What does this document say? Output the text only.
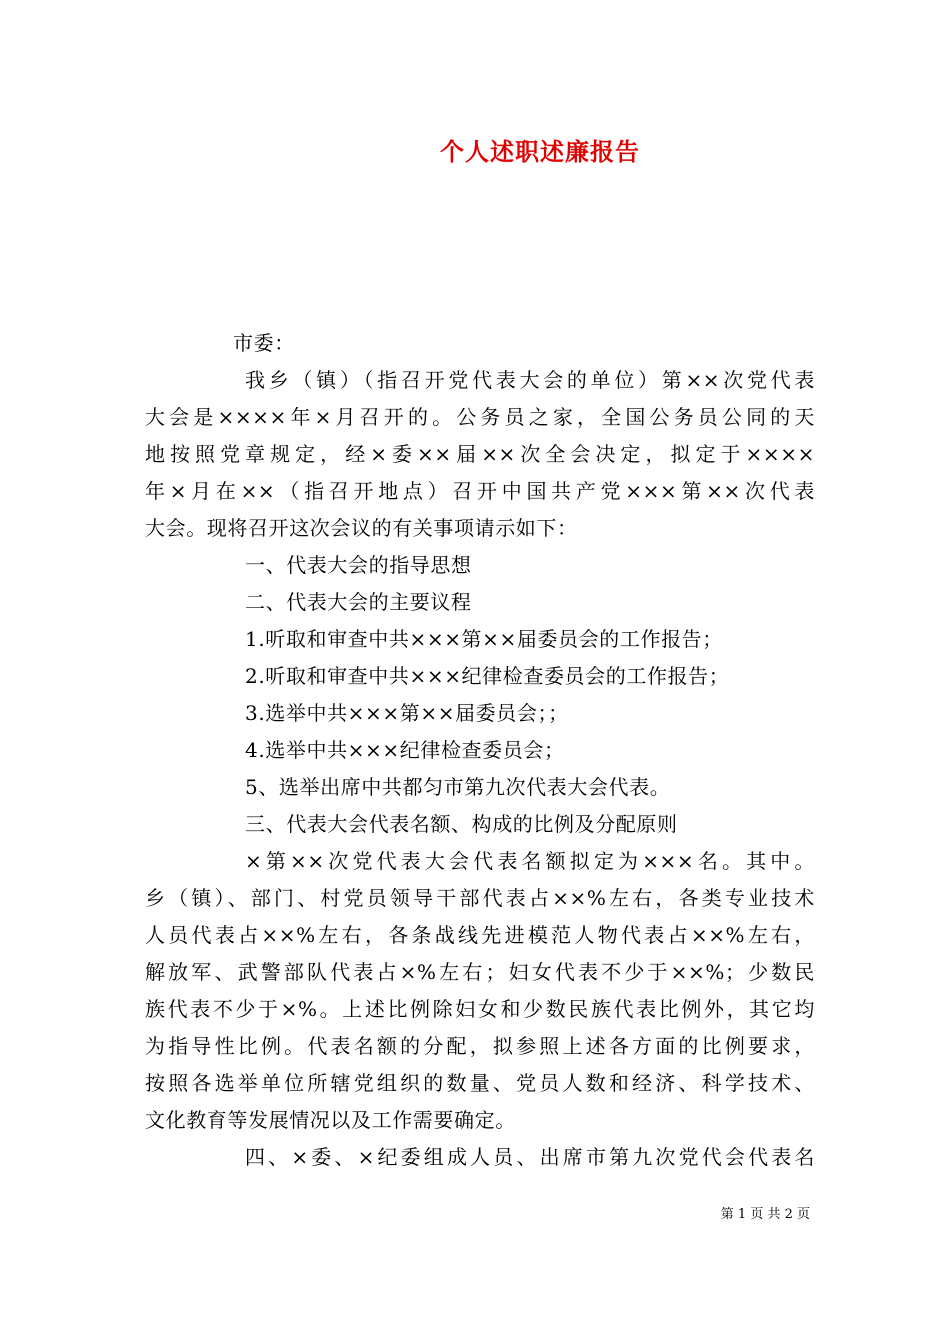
个人述职述廉报告
市委：
我乡（镇）（指召开党代表大会的单位）第××次党代表
大会是××××年×月召开的。公务员之家，全国公务员公同的天
地按照党章规定，经×委××届××次全会决定，拟定于××××
年×月在××（指召开地点）召开中国共产党×××第××次代表
大会。现将召开这次会议的有关事项请示如下：
一、代表大会的指导思想
二、代表大会的主要议程
1.听取和审查中共×××第××届委员会的工作报告；
2.听取和审查中共×××纪律检查委员会的工作报告；
3.选举中共×××第××届委员会；；
4.选举中共×××纪律检查委员会；
5、选举出席中共都匀市第九次代表大会代表。
三、代表大会代表名额、构成的比例及分配原则
×第××次党代表大会代表名额拟定为×××名。其中。
乡（镇）、部门、村党员领导干部代表占××%左右，各类专业技术
人员代表占××%左右，各条战线先进模范人物代表占××%左右，
解放军、武警部队代表占×%左右；妇女代表不少于××%；少数民
族代表不少于×%。上述比例除妇女和少数民族代表比例外，其它均
为指导性比例。代表名额的分配，拟参照上述各方面的比例要求，
按照各选举单位所辖党组织的数量、党员人数和经济、科学技术、
文化教育等发展情况以及工作需要确定。
四、×委、×纪委组成人员、出席市第九次党代会代表名
第 1 页 共 2 页
